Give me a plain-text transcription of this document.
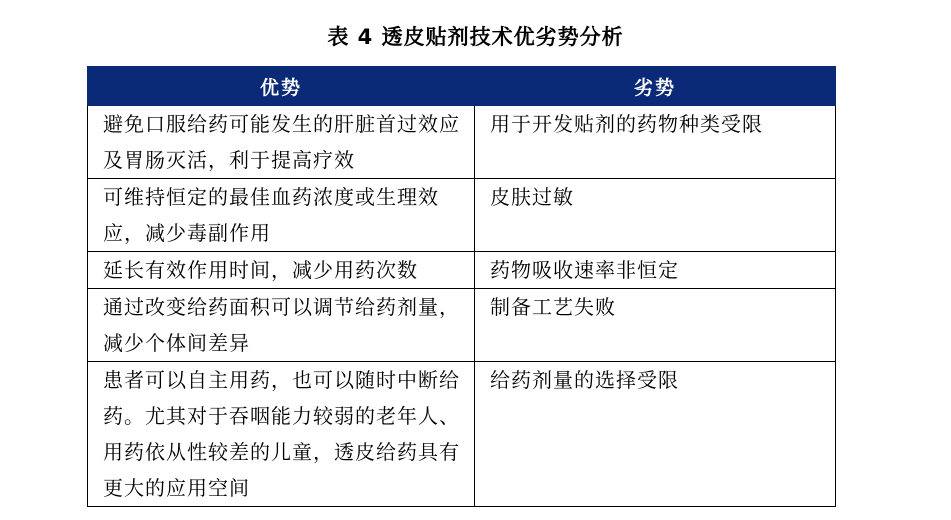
表 4 透皮贴剂技术优劣势分析
优势	劣势
避免口服给药可能发生的肝脏首过效应及胃肠灭活，利于提高疗效	用于开发贴剂的药物种类受限
可维持恒定的最佳血药浓度或生理效应，减少毒副作用	皮肤过敏
延长有效作用时间，减少用药次数	药物吸收速率非恒定
通过改变给药面积可以调节给药剂量，减少个体间差异	制备工艺失败
患者可以自主用药，也可以随时中断给药。尤其对于吞咽能力较弱的老年人、用药依从性较差的儿童，透皮给药具有更大的应用空间	给药剂量的选择受限
